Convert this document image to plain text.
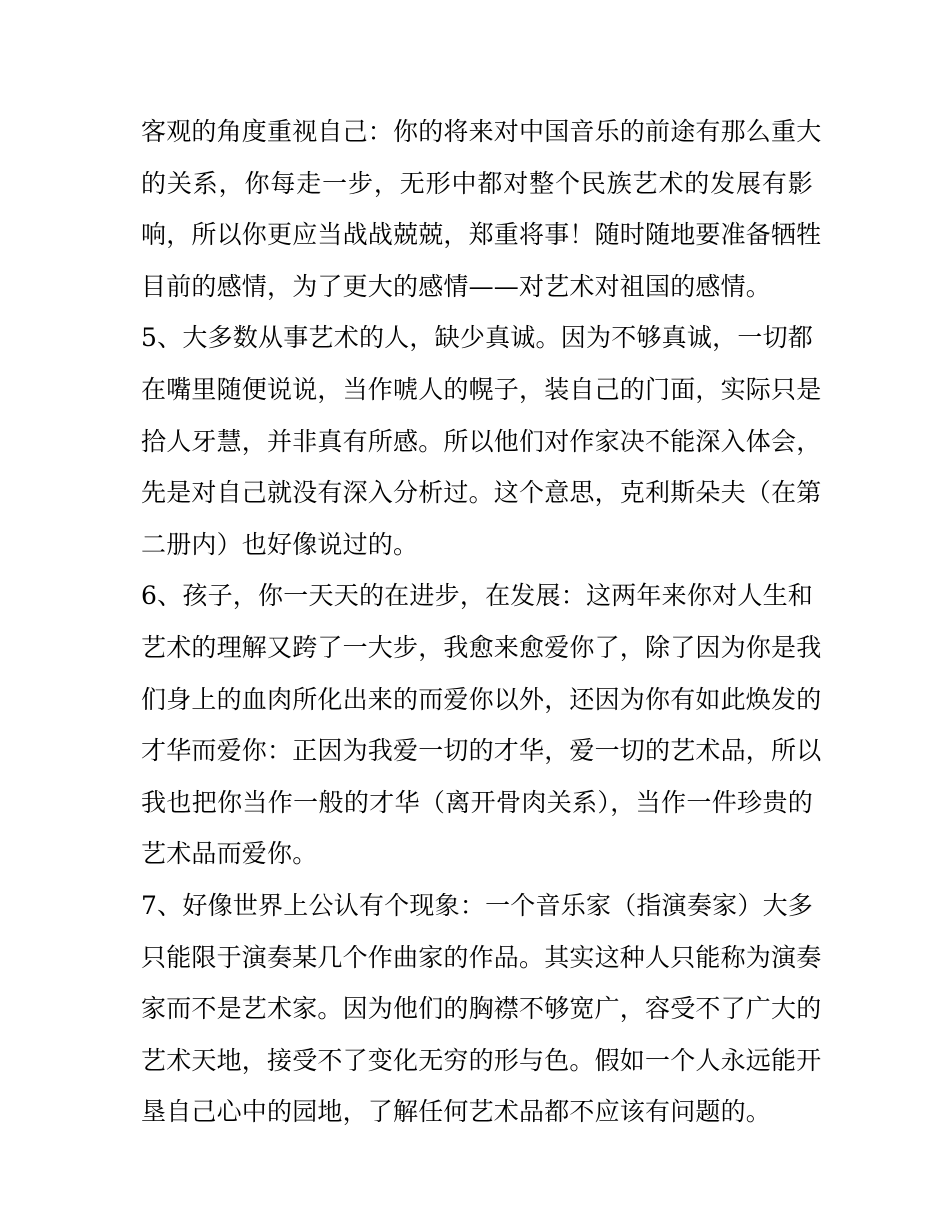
客观的角度重视自己：你的将来对中国音乐的前途有那么重大
的关系，你每走一步，无形中都对整个民族艺术的发展有影
响，所以你更应当战战兢兢，郑重将事！随时随地要准备牺牲
目前的感情，为了更大的感情——对艺术对祖国的感情。
5、大多数从事艺术的人，缺少真诚。因为不够真诚，一切都
在嘴里随便说说，当作唬人的幌子，装自己的门面，实际只是
拾人牙慧，并非真有所感。所以他们对作家决不能深入体会，
先是对自己就没有深入分析过。这个意思，克利斯朵夫（在第
二册内）也好像说过的。
6、孩子，你一天天的在进步，在发展：这两年来你对人生和
艺术的理解又跨了一大步，我愈来愈爱你了，除了因为你是我
们身上的血肉所化出来的而爱你以外，还因为你有如此焕发的
才华而爱你：正因为我爱一切的才华，爱一切的艺术品，所以
我也把你当作一般的才华（离开骨肉关系），当作一件珍贵的
艺术品而爱你。
7、好像世界上公认有个现象：一个音乐家（指演奏家）大多
只能限于演奏某几个作曲家的作品。其实这种人只能称为演奏
家而不是艺术家。因为他们的胸襟不够宽广，容受不了广大的
艺术天地，接受不了变化无穷的形与色。假如一个人永远能开
垦自己心中的园地，了解任何艺术品都不应该有问题的。
